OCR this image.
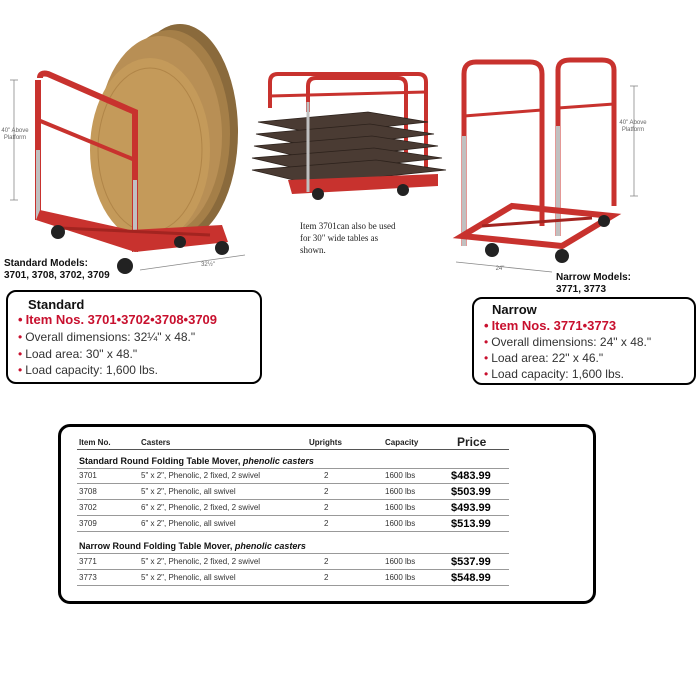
40" Above Platform
32½"
40" Above Platform
24"
Standard Models:
3701, 3708, 3702, 3709
Item 3701can also be used
for 30" wide tables as
shown.
Narrow Models:
3771, 3773
Standard
• Item Nos. 3701•3702•3708•3709
• Overall dimensions: 32¼" x 48."
• Load area: 30" x 48."
• Load capacity: 1,600 lbs.
Narrow
• Item Nos. 3771•3773
• Overall dimensions: 24" x 48."
• Load area: 22" x 46."
• Load capacity: 1,600 lbs.
Item No.	Casters	Uprights	Capacity	Price
Standard Round Folding Table Mover, phenolic casters
3701	5" x 2", Phenolic, 2 fixed, 2 swivel	2	1600 lbs	$483.99
3708	5" x 2", Phenolic, all swivel	2	1600 lbs	$503.99
3702	6" x 2", Phenolic, 2 fixed, 2 swivel	2	1600 lbs	$493.99
3709	6" x 2", Phenolic, all swivel	2	1600 lbs	$513.99
Narrow Round Folding Table Mover, phenolic casters
3771	5" x 2", Phenolic, 2 fixed, 2 swivel	2	1600 lbs	$537.99
3773	5" x 2", Phenolic, all swivel	2	1600 lbs	$548.99
